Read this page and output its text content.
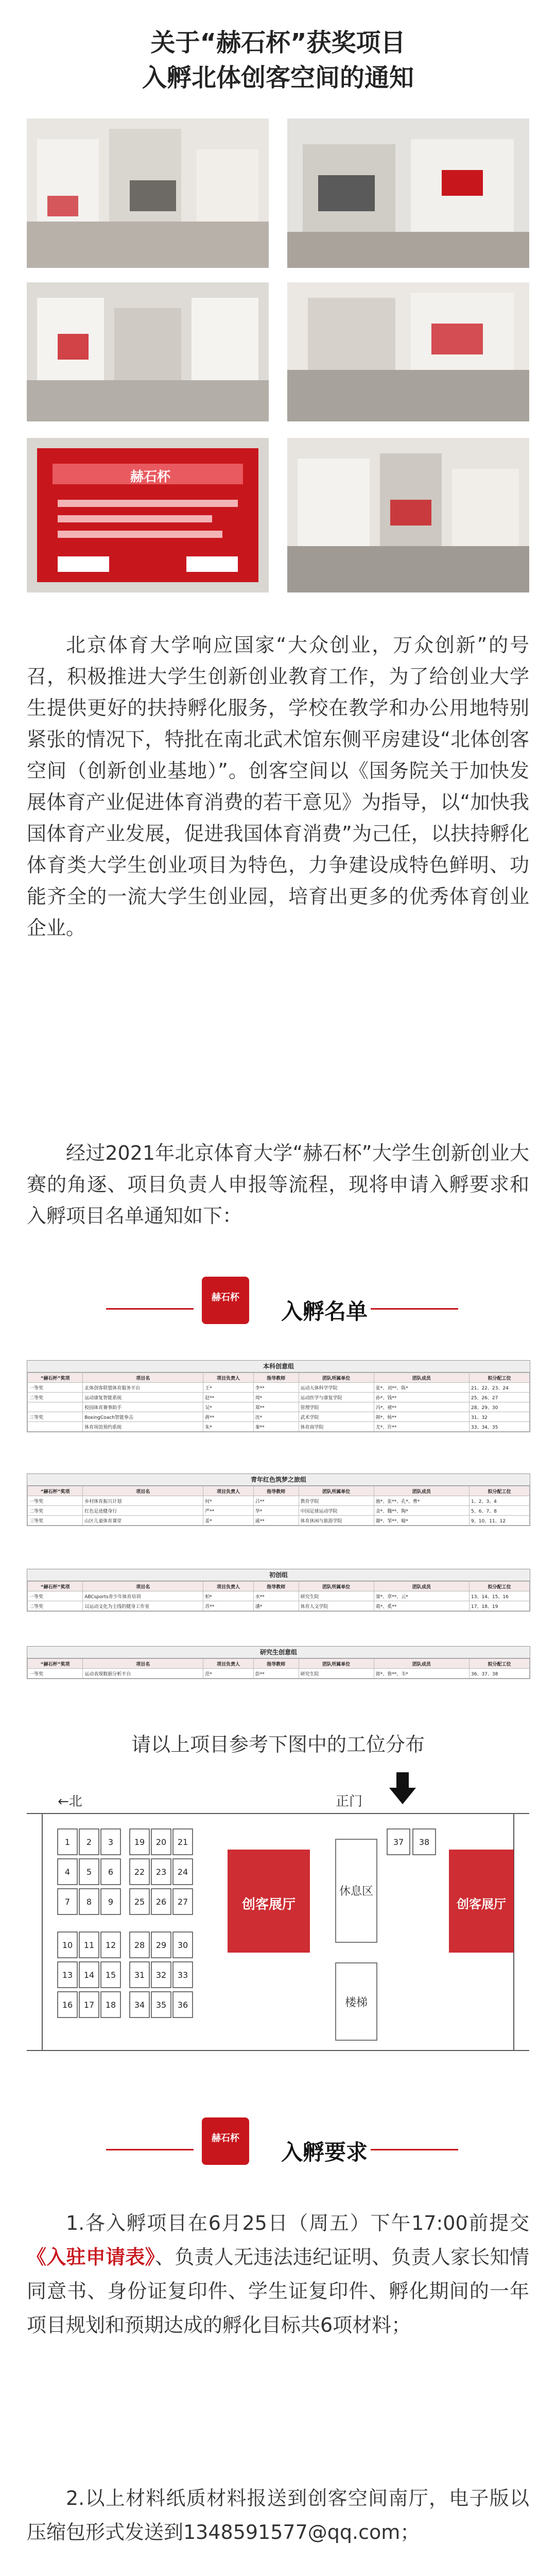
关于“赫石杯”获奖项目
入孵北体创客空间的通知
赫石杯

北京体育大学响应国家“大众创业，万众创新”的号召，积极推进大学生创新创业教育工作，为了给创业大学生提供更好的扶持孵化服务，学校在教学和办公用地特别紧张的情况下，特批在南北武术馆东侧平房建设“北体创客空间（创新创业基地）”。创客空间以《国务院关于加快发展体育产业促进体育消费的若干意见》为指导，以“加快我国体育产业发展，促进我国体育消费”为己任，以扶持孵化体育类大学生创业项目为特色，力争建设成特色鲜明、功能齐全的一流大学生创业园，培育出更多的优秀体育创业企业。

经过2021年北京体育大学“赫石杯”大学生创新创业大赛的角逐、项目负责人申报等流程，现将申请入孵要求和入孵项目名单通知如下：

赫石杯
入孵名单
本科创意组
“赫石杯”奖项	项目名	项目负责人	指导教师	团队所属单位	团队成员	拟分配工位
一等奖	北体创客联盟体育服务平台	王*	李**	运动人体科学学院	张*、刘**、陈*	21、22、23、24
二等奖	运动康复智能系统	赵**	周*	运动医学与康复学院	孙*、钱**	25、26、27
	校园体育赛事助手	吴*	郑**	管理学院	冯*、褚**	28、29、30
三等奖	BoxingCoach智能拳击	蒋**	沈*	武术学院	韩*、杨**	31、32
	体育场馆预约系统	朱*	秦**	体育商学院	尤*、许**	33、34、35
青年红色筑梦之旅组
“赫石杯”奖项	项目名	项目负责人	指导教师	团队所属单位	团队成员	拟分配工位
一等奖	乡村体育振兴计划	何*	吕**	教育学院	施*、张**、孔*、曹*	1、2、3、4
二等奖	红色足迹健身行	严**	华*	中国足球运动学院	金*、魏**、陶*	5、6、7、8
三等奖	山区儿童体育课堂	姜*	戚**	体育休闲与旅游学院	谢*、邹**、喻*	9、10、11、12
初创组
“赫石杯”奖项	项目名	项目负责人	指导教师	团队所属单位	团队成员	拟分配工位
一等奖	ABCsports青少年体育培训	柏*	水**	研究生院	窦*、章**、云*	13、14、15、16
二等奖	以运动文化为主线的健身工作室	苏**	潘*	体育人文学院	葛*、奚**	17、18、19
研究生创意组
“赫石杯”奖项	项目名	项目负责人	指导教师	团队所属单位	团队成员	拟分配工位
一等奖	运动表现数据分析平台	范*	彭**	研究生院	郎*、鲁**、韦*	36、37、38
请以上项目参考下图中的工位分布
1 2 3
4 5 6
7 8 9
10 11 12
13 14 15
16 17 18
19 20 21
22 23 24
25 26 27
28 29 30
31 32 33
34 35 36
37 38
←北	正门
创客展厅	创客展厅
休息区
楼梯
赫石杯
入孵要求

1.各入孵项目在6月25日（周五）下午17:00前提交《入驻申请表》、负责人无违法违纪证明、负责人家长知情同意书、身份证复印件、学生证复印件、孵化期间的一年项目规划和预期达成的孵化目标共6项材料；

2.以上材料纸质材料报送到创客空间南厅，电子版以压缩包形式发送到1348591577@qq.com；
